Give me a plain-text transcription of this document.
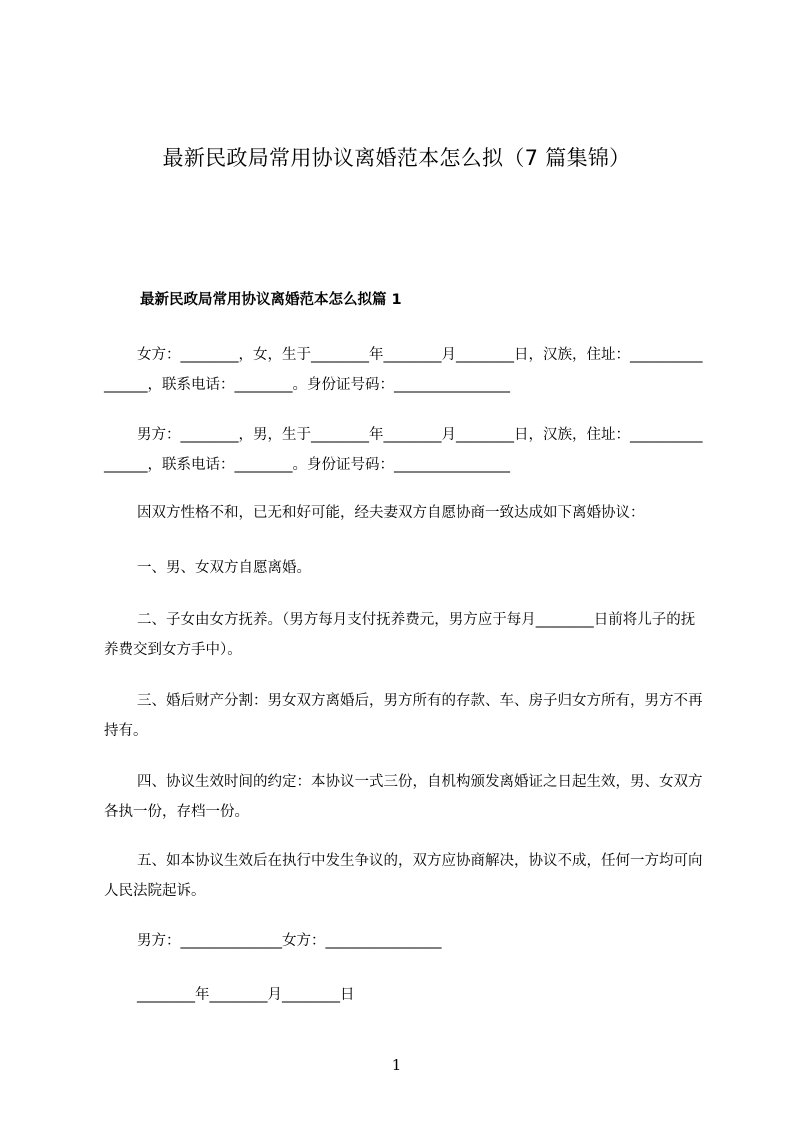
最新民政局常用协议离婚范本怎么拟（7 篇集锦）
最新民政局常用协议离婚范本怎么拟篇 1
女方：________，女，生于________年________月________日，汉族，住址：________________，联系电话：________。身份证号码：________________
男方：________，男，生于________年________月________日，汉族，住址：________________，联系电话：________。身份证号码：________________
因双方性格不和，已无和好可能，经夫妻双方自愿协商一致达成如下离婚协议：
一、男、女双方自愿离婚。
二、子女由女方抚养。（男方每月支付抚养费元，男方应于每月________日前将儿子的抚养费交到女方手中）。
三、婚后财产分割：男女双方离婚后，男方所有的存款、车、房子归女方所有，男方不再持有。
四、协议生效时间的约定：本协议一式三份，自机构颁发离婚证之日起生效，男、女双方各执一份，存档一份。
五、如本协议生效后在执行中发生争议的，双方应协商解决，协议不成，任何一方均可向人民法院起诉。
男方：______________女方：________________
________年________月________日
1
